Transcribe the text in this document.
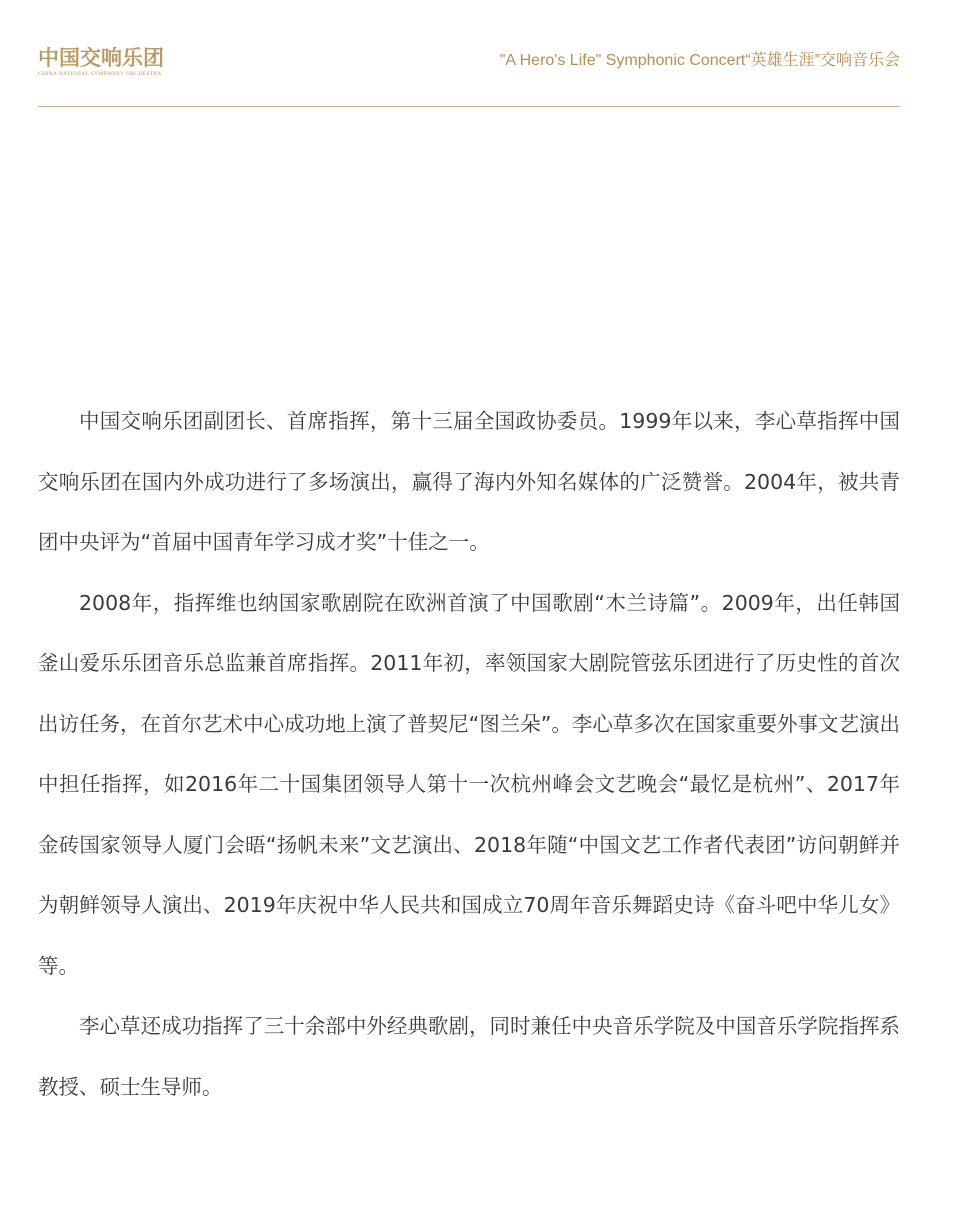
中国交响乐团
CHINA NATIONAL SYMPHONY ORCHESTRA
"A Hero's Life" Symphonic Concert“英雄生涯”交响音乐会

中国交响乐团副团长、首席指挥，第十三届全国政协委员。1999年以来，李心草指挥中国交响乐团在国内外成功进行了多场演出，赢得了海内外知名媒体的广泛赞誉。2004年，被共青团中央评为“首届中国青年学习成才奖”十佳之一。

2008年，指挥维也纳国家歌剧院在欧洲首演了中国歌剧“木兰诗篇”。2009年，出任韩国釜山爱乐乐团音乐总监兼首席指挥。2011年初，率领国家大剧院管弦乐团进行了历史性的首次出访任务，在首尔艺术中心成功地上演了普契尼“图兰朵”。李心草多次在国家重要外事文艺演出中担任指挥，如2016年二十国集团领导人第十一次杭州峰会文艺晚会“最忆是杭州”、2017年金砖国家领导人厦门会晤“扬帆未来”文艺演出、2018年随“中国文艺工作者代表团”访问朝鲜并为朝鲜领导人演出、2019年庆祝中华人民共和国成立70周年音乐舞蹈史诗《奋斗吧中华儿女》等。

李心草还成功指挥了三十余部中外经典歌剧，同时兼任中央音乐学院及中国音乐学院指挥系教授、硕士生导师。
